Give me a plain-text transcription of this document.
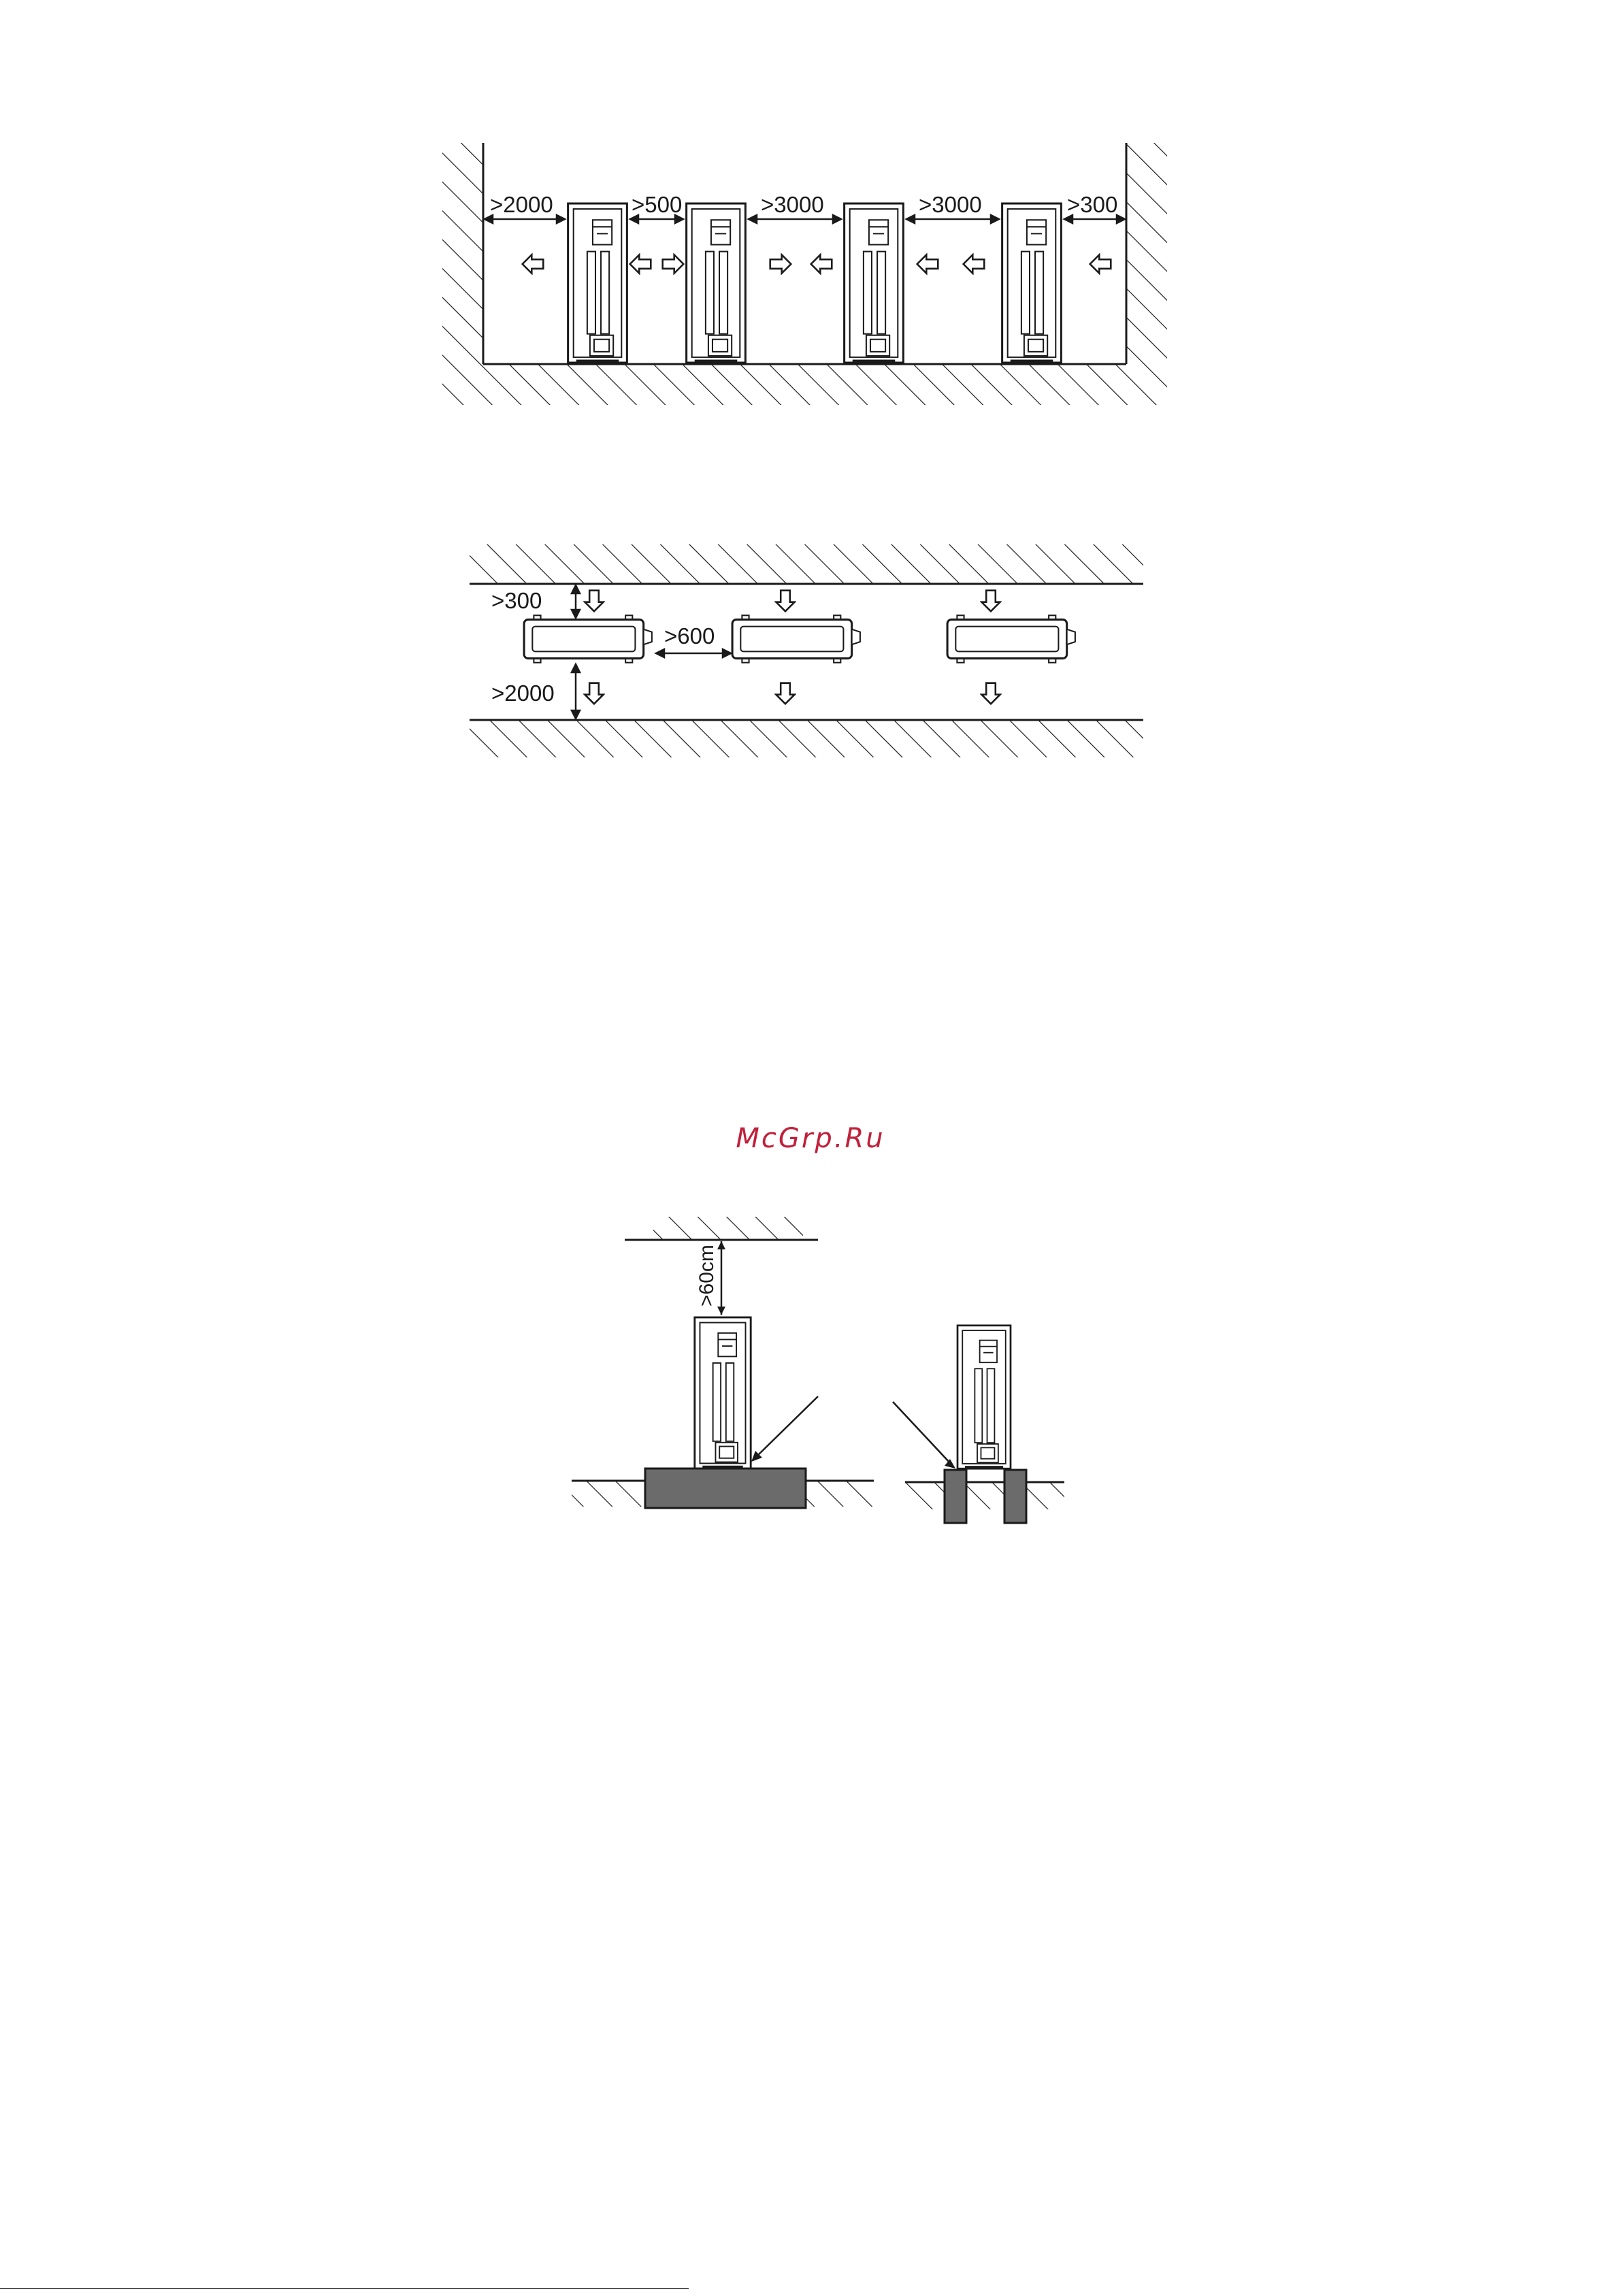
>2000	>500	>3000	>3000	>300
>300
>600
>2000
>60cm
McGrp.Ru
